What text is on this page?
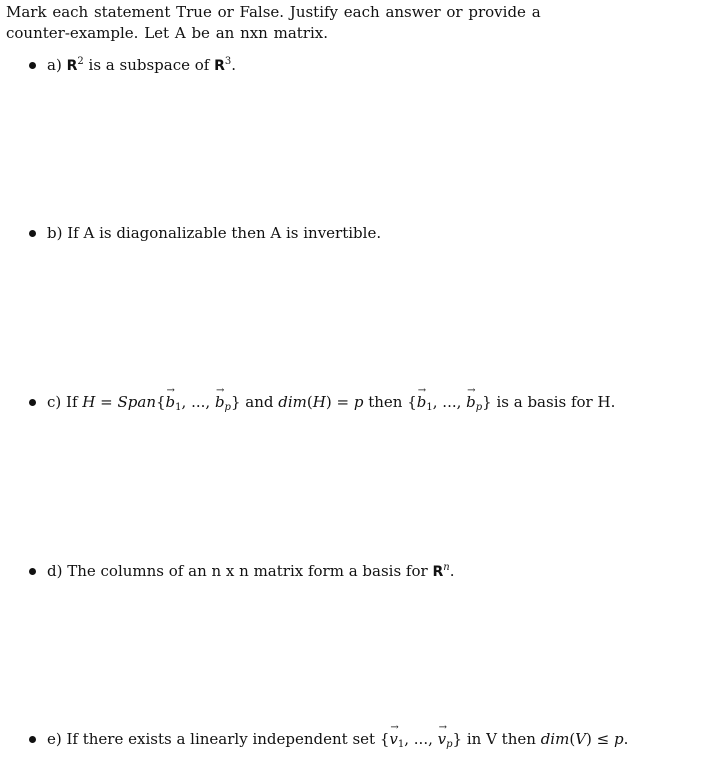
Mark each statement True or False. Justify each answer or provide a counter-example. Let A be an nxn matrix.
a) $R^2$ is a subspace of $R^3$.
b) If A is diagonalizable then A is invertible.
c) If H = Span{→ $b_1$, ..., → $b_p$} and dim(H) = p then {→ $b_1$, ..., → $b_p$} is a basis for H.
d) The columns of an n x n matrix form a basis for $R^n$.
e) If there exists a linearly independent set {→ $v_1$, ..., → $v_p$} in V then dim(V) ≤ p.
